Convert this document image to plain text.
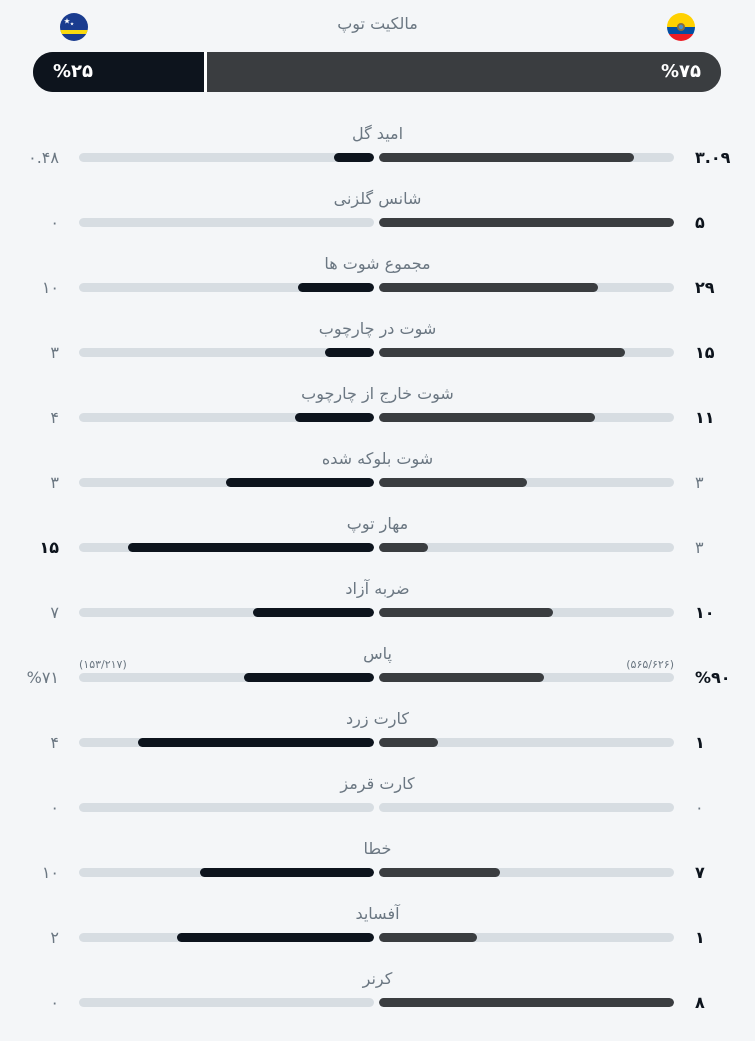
مالکیت توپ
%۲۵	%۷۵
امید گل
۰.۴۸	۳.۰۹
شانس گلزنی
۰	۵
مجموع شوت ها
۱۰	۲۹
شوت در چارچوب
۳	۱۵
شوت خارج از چارچوب
۴	۱۱
شوت بلوکه شده
۳	۳
مهار توپ
۱۵	۳
ضربه آزاد
۷	۱۰
پاس
%۷۱	%۹۰
(۱۵۳/۲۱۷)	(۵۶۵/۶۲۶)
کارت زرد
۴	۱
کارت قرمز
۰	۰
خطا
۱۰	۷
آفساید
۲	۱
کرنر
۰	۸
